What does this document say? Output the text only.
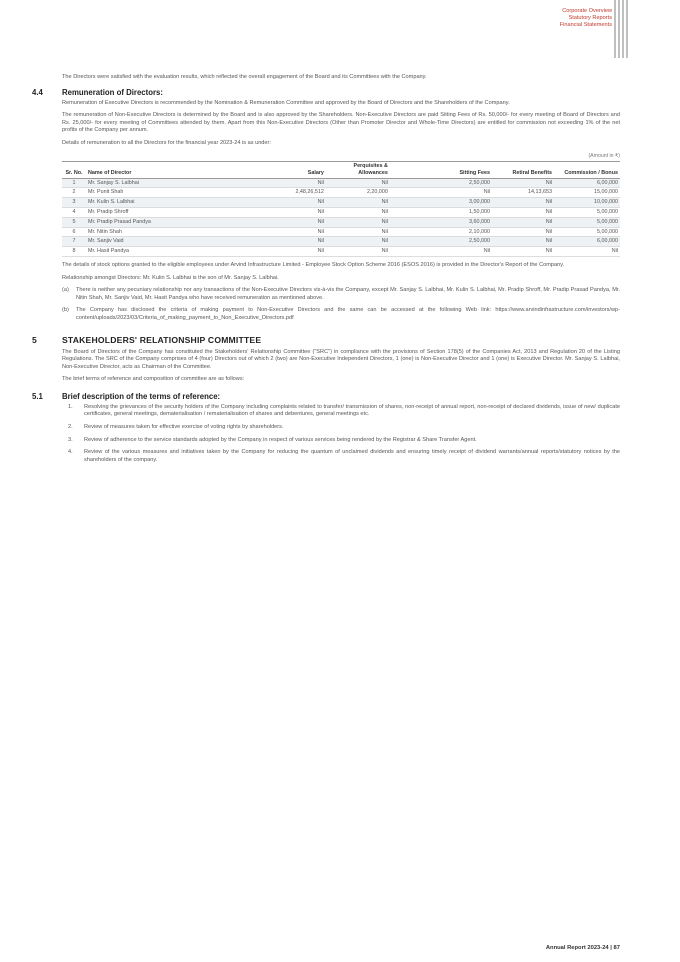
Corporate Overview
Statutory Reports
Financial Statements

The Directors were satisfied with the evaluation results, which reflected the overall engagement of the Board and its Committees with the Company.

4.4 Remuneration of Directors:

Remuneration of Executive Directors is recommended by the Nomination & Remuneration Committee and approved by the Board of Directors and the Shareholders of the Company.

The remuneration of Non-Executive Directors is determined by the Board and is also approved by the Shareholders. Non-Executive Directors are paid Sitting Fees of Rs. 50,000/- for every meeting of Board of Directors and Rs. 25,000/- for every meeting of Committees attended by them. Apart from this Non-Executive Directors (Other than Promoter Director and Whole-Time Directors) are entitled for commission not exceeding 1% of the net profits of the Company per annum.

Details of remuneration to all the Directors for the financial year 2023-24 is as under:

(Amount in ₹)
Sr. No.	Name of Director	Salary	Perquisites & Allowances	Sitting Fees	Retiral Benefits	Commission / Bonus
1	Mr. Sanjay S. Lalbhai	Nil	Nil	2,50,000	Nil	6,00,000
2	Mr. Punit Shah	2,48,26,512	2,20,000	Nil	14,13,653	15,00,000
3	Mr. Kulin S. Lalbhai	Nil	Nil	3,00,000	Nil	10,00,000
4	Mr. Pradip Shroff	Nil	Nil	1,50,000	Nil	5,00,000
5	Mr. Pradip Prasad Pandya	Nil	Nil	3,60,000	Nil	5,00,000
6	Mr. Nitin Shah	Nil	Nil	2,10,000	Nil	5,00,000
7	Mr. Sanjiv Vaid	Nil	Nil	2,50,000	Nil	6,00,000
8	Mr. Hasit Pandya	Nil	Nil	Nil	Nil	Nil

The details of stock options granted to the eligible employees under Arvind Infrastructure Limited - Employee Stock Option Scheme 2016 (ESOS 2016) is provided in the Director's Report of the Company.

Relationship amongst Directors: Mr. Kulin S. Lalbhai is the son of Mr. Sanjay S. Lalbhai.

(a) There is neither any pecuniary relationship nor any transactions of the Non-Executive Directors vis-à-vis the Company, except Mr. Sanjay S. Lalbhai, Mr. Kulin S. Lalbhai, Mr. Pradip Shroff, Mr. Pradip Prasad Pandya, Mr. Nitin Shah, Mr. Sanjiv Vaid, Mr. Hasit Pandya who have received remuneration as mentioned above.

(b) The Company has disclosed the criteria of making payment to Non-Executive Directors and the same can be accessed at the following Web link: https://www.arvindinfrastructure.com/investors/wp-content/uploads/2023/03/Criteria_of_making_payment_to_Non_Executive_Directors.pdf

5	STAKEHOLDERS' RELATIONSHIP COMMITTEE

The Board of Directors of the Company has constituted the Stakeholders' Relationship Committee ("SRC") in compliance with the provisions of Section 178(5) of the Companies Act, 2013 and Regulation 20 of the Listing Regulations. The SRC of the Company comprises of 4 (four) Directors out of which 2 (two) are Non-Executive Independent Directors, 1 (one) is Non-Executive Director and 1 (one) is Executive Director. Mr. Sanjay S. Lalbhai, Non-Executive Director, acts as Chairman of the Committee.

The brief terms of reference and composition of committee are as follows:

5.1 Brief description of the terms of reference:

1. Resolving the grievances of the security holders of the Company including complaints related to transfer/ transmission of shares, non-receipt of annual report, non-receipt of declared dividends, issue of new/ duplicate certificates, general meetings, dematerialisation / rematerialisation of shares and debentures, general meetings etc.

2. Review of measures taken for effective exercise of voting rights by shareholders.

3. Review of adherence to the service standards adopted by the Company in respect of various services being rendered by the Registrar & Share Transfer Agent.

4. Review of the various measures and initiatives taken by the Company for reducing the quantum of unclaimed dividends and ensuring timely receipt of dividend warrants/annual reports/statutory notices by the shareholders of the company.

Annual Report 2023-24 | 87
